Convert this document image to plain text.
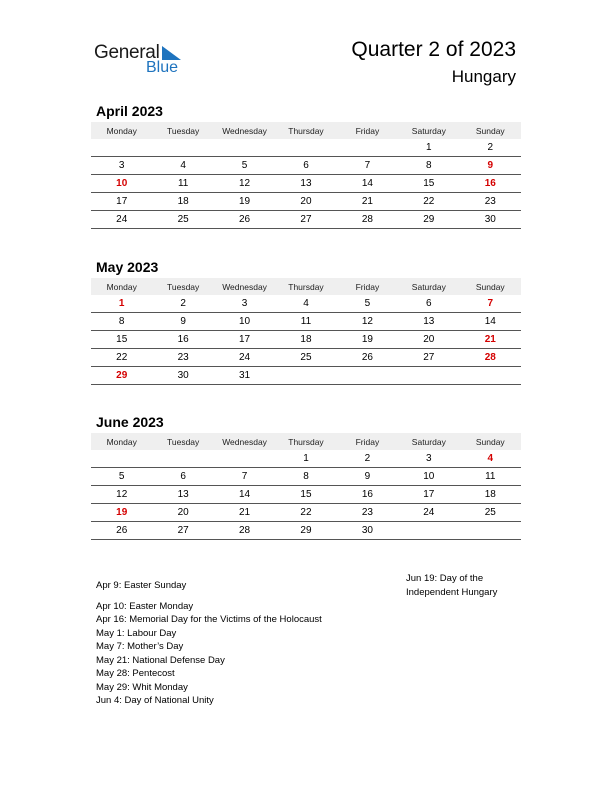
General
Blue
Quarter 2 of 2023
Hungary
April 2023
Monday	Tuesday	Wednesday	Thursday	Friday	Saturday	Sunday
					1	2
3	4	5	6	7	8	9
10	11	12	13	14	15	16
17	18	19	20	21	22	23
24	25	26	27	28	29	30
May 2023
Monday	Tuesday	Wednesday	Thursday	Friday	Saturday	Sunday
1	2	3	4	5	6	7
8	9	10	11	12	13	14
15	16	17	18	19	20	21
22	23	24	25	26	27	28
29	30	31				
June 2023
Monday	Tuesday	Wednesday	Thursday	Friday	Saturday	Sunday
			1	2	3	4
5	6	7	8	9	10	11
12	13	14	15	16	17	18
19	20	21	22	23	24	25
26	27	28	29	30		
Apr 9: Easter Sunday
Apr 10: Easter Monday
Apr 16: Memorial Day for the Victims of the Holocaust
May 1: Labour Day
May 7: Mother’s Day
May 21: National Defense Day
May 28: Pentecost
May 29: Whit Monday
Jun 4: Day of National Unity
Jun 19: Day of the Independent Hungary
